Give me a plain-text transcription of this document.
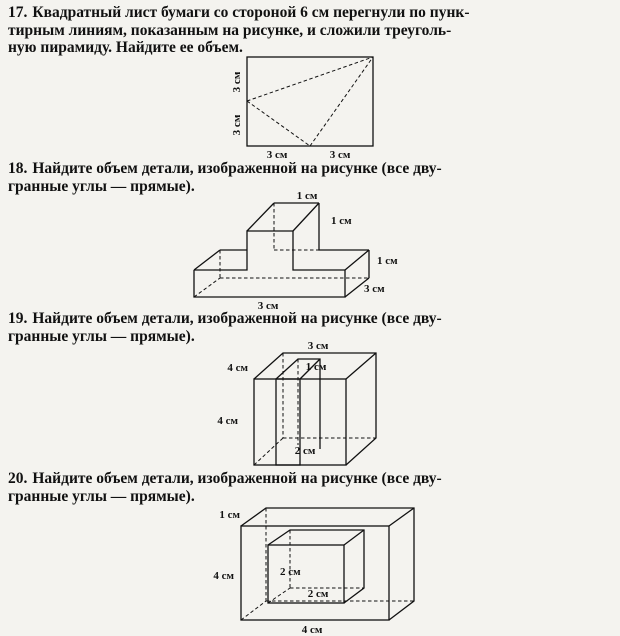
17. Квадратный лист бумаги со стороной 6 см перегнули по пунк-
тирным линиям, показанным на рисунке, и сложили треуголь-
ную пирамиду. Найдите ее объем.

18. Найдите объем детали, изображенной на рисунке (все дву-
гранные углы — прямые).

19. Найдите объем детали, изображенной на рисунке (все дву-
гранные углы — прямые).

20. Найдите объем детали, изображенной на рисунке (все дву-
гранные углы — прямые).

3 см
3 см
3 см	3 см
1 см
1 см
1 см
3 см
3 см
3 см
1 см
4 см
4 см
2 см
1 см
4 см
4 см
2 см
2 см
